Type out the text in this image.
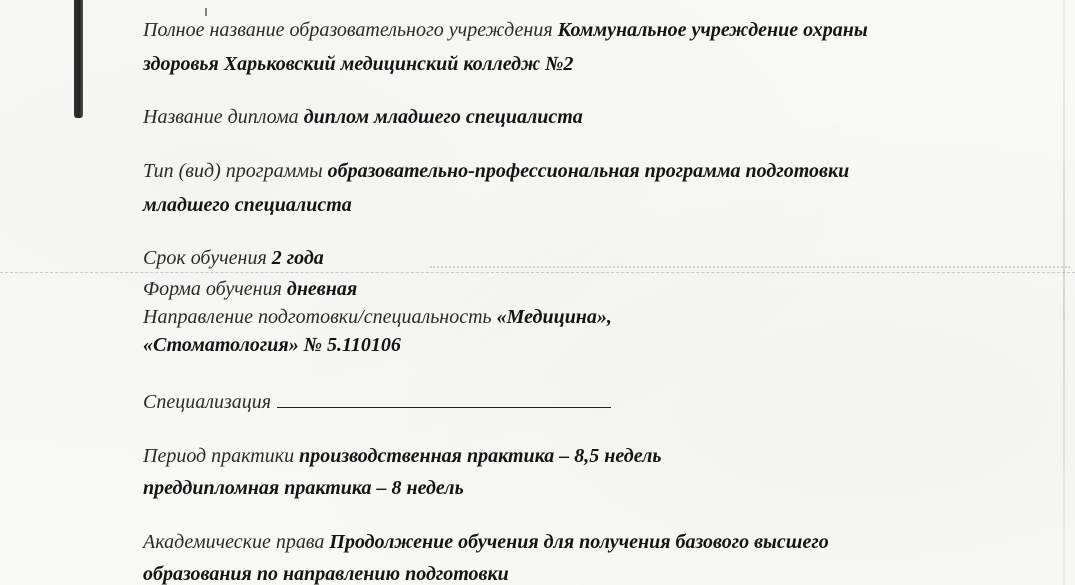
Полное название образовательного учреждения Коммунальное учреждение охраны
здоровья Харьковский медицинский колледж №2
Название диплома диплом младшего специалиста
Тип (вид) программы образовательно-профессиональная программа подготовки
младшего специалиста
Срок обучения 2 года
Форма обучения дневная
Направление подготовки/специальность «Медицина»,
«Стоматология» № 5.110106
Специализация
Период практики производственная практика – 8,5 недель
преддипломная практика – 8 недель
Академические права Продолжение обучения для получения базового высшего
образования по направлению подготовки
